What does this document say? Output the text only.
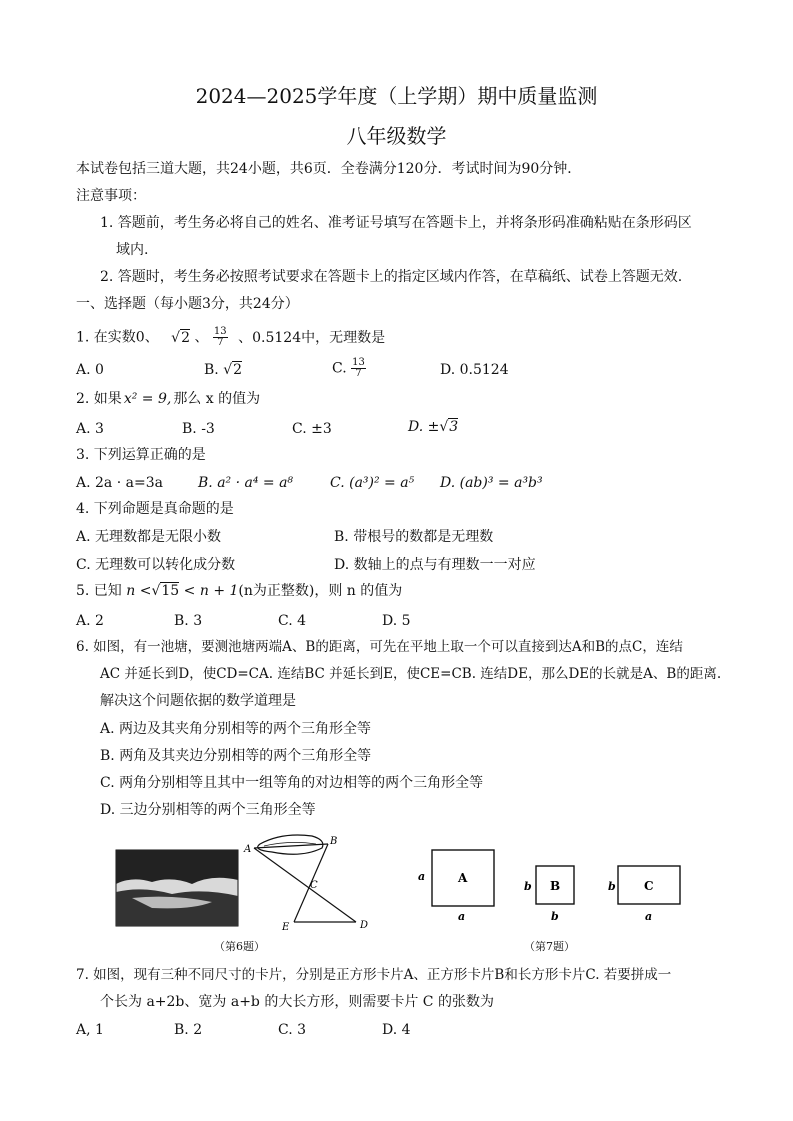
2024—2025学年度（上学期）期中质量监测
八年级数学
本试卷包括三道大题，共24小题，共6页．全卷满分120分．考试时间为90分钟．
注意事项：
1. 答题前，考生务必将自己的姓名、准考证号填写在答题卡上，并将条形码准确粘贴在条形码区
域内.
2. 答题时，考生务必按照考试要求在答题卡上的指定区域内作答，在草稿纸、试卷上答题无效.
一、选择题（每小题3分，共24分）
1. 在实数0、 √2 、 $\frac{13}{7}$ 、0.5124中，无理数是
A. 0	B. √2	C. $\frac{13}{7}$	D. 0.5124
2. 如果 x² = 9, 那么 x 的值为
A. 3	B. -3	C. ±3	D. ±√3
3. 下列运算正确的是
A. 2a · a=3a	B. a² · a⁴ = a⁸	C. (a³)² = a⁵ D. (ab)³ = a³b³
4. 下列命题是真命题的是
A. 无理数都是无限小数	B. 带根号的数都是无理数
C. 无理数可以转化成分数	D. 数轴上的点与有理数一一对应
5. 已知 n <√15 < n + 1(n为正整数)，则 n 的值为
A. 2	B. 3	C. 4	D. 5
6. 如图，有一池塘，要测池塘两端A、B的距离，可先在平地上取一个可以直接到达A和B的点C，连结
AC 并延长到D，使CD=CA. 连结BC 并延长到E，使CE=CB. 连结DE，那么DE的长就是A、B的距离.
解决这个问题依据的数学道理是
A. 两边及其夹角分别相等的两个三角形全等
B. 两角及其夹边分别相等的两个三角形全等
C. 两角分别相等且其中一组等角的对边相等的两个三角形全等
D. 三边分别相等的两个三角形全等
A
B
C
D
E
（第6题）
A
a
a
B
b
b
C
b
a
（第7题）
7. 如图，现有三种不同尺寸的卡片，分别是正方形卡片A、正方形卡片B和长方形卡片C. 若要拼成一
个长为 a+2b、宽为 a+b 的大长方形，则需要卡片 C 的张数为
A, 1	B. 2	C. 3	D. 4
